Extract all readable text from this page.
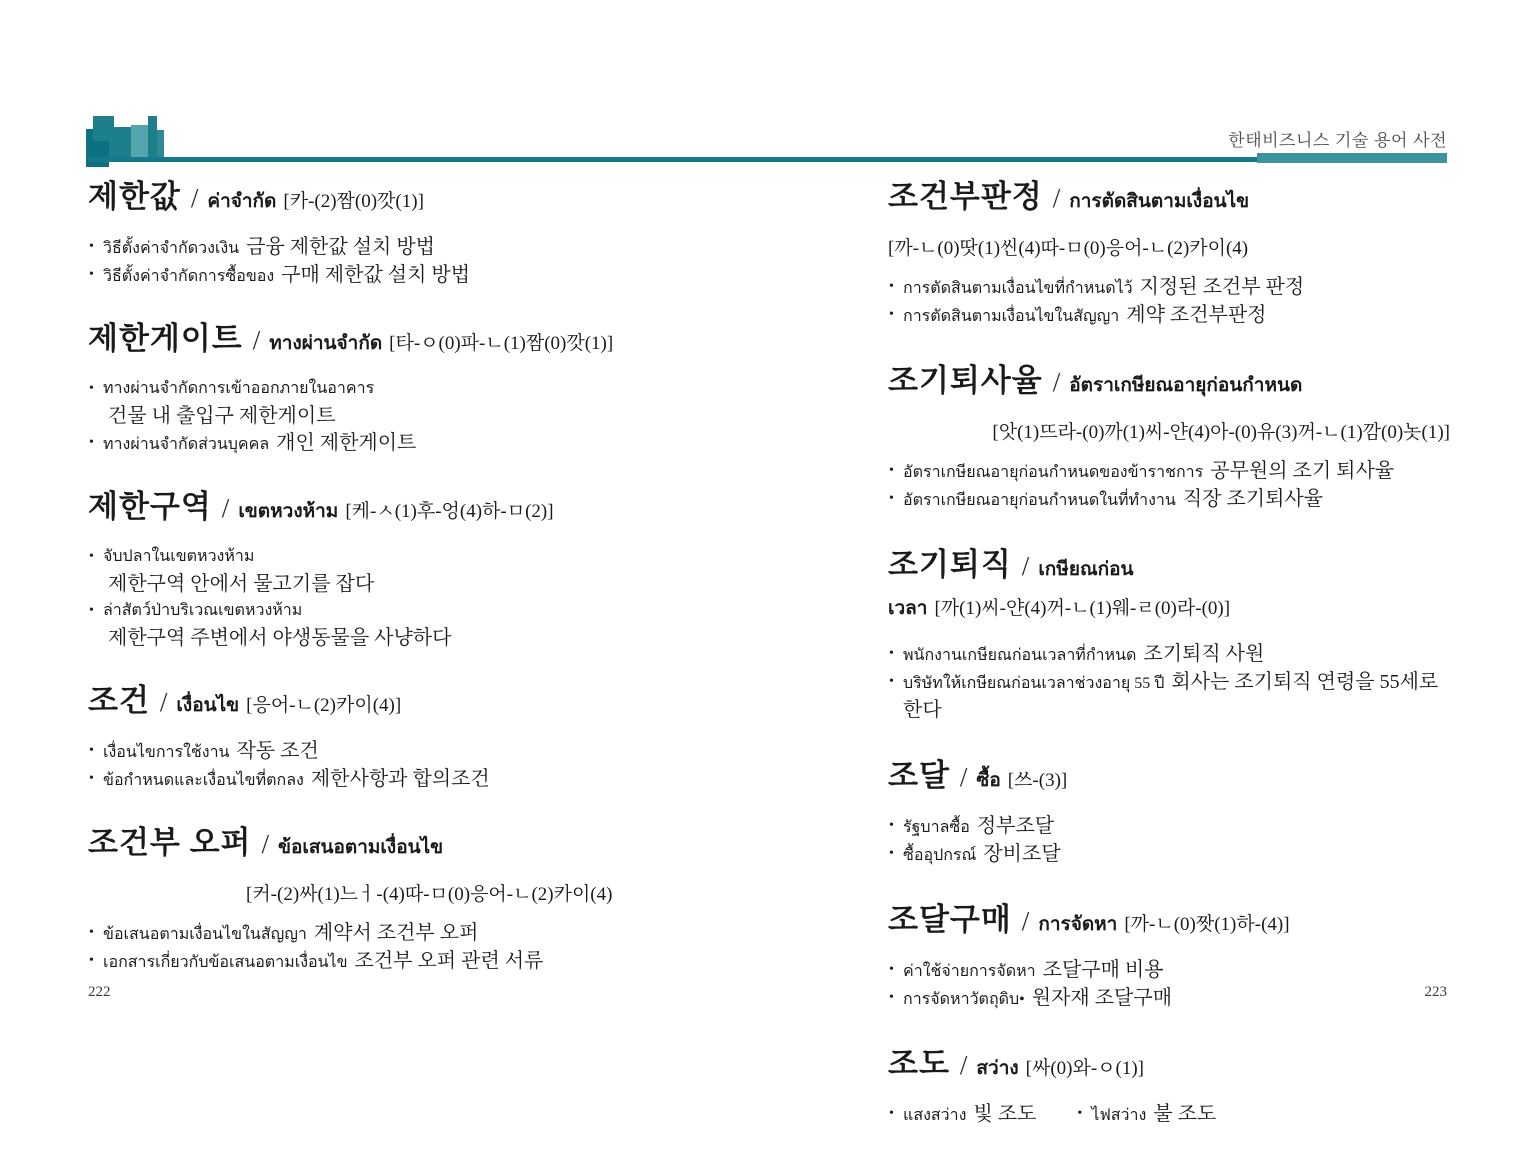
한태비즈니스 기술 용어 사전
제한값 / ค่าจำกัด [카-(2)짬(0)깟(1)]
• วิธีตั้งค่าจำกัดวงเงิน 금융 제한값 설치 방법
• วิธีตั้งค่าจำกัดการซื้อของ 구매 제한값 설치 방법
제한게이트 / ทางผ่านจำกัด [타-ㅇ(0)파-ㄴ(1)짬(0)깟(1)]
• ทางผ่านจำกัดการเข้าออกภายในอาคาร
건물 내 출입구 제한게이트
• ทางผ่านจำกัดส่วนบุคคล 개인 제한게이트
제한구역 / เขตหวงห้าม [케-ㅅ(1)후-엉(4)하-ㅁ(2)]
• จับปลาในเขตหวงห้าม
제한구역 안에서 물고기를 잡다
• ล่าสัตว์ป่าบริเวณเขตหวงห้าม
제한구역 주변에서 야생동물을 사냥하다
조건 / เงื่อนไข [응어-ㄴ(2)카이(4)]
• เงื่อนไขการใช้งาน 작동 조건
• ข้อกำหนดและเงื่อนไขที่ตกลง 제한사항과 합의조건
조건부 오퍼 / ข้อเสนอตามเงื่อนไข
[커-(2)싸(1)느ㅓ-(4)따-ㅁ(0)응어-ㄴ(2)카이(4)
• ข้อเสนอตามเงื่อนไขในสัญญา 계약서 조건부 오퍼
• เอกสารเกี่ยวกับข้อเสนอตามเงื่อนไข 조건부 오퍼 관련 서류
조건부판정 / การตัดสินตามเงื่อนไข
[까-ㄴ(0)땃(1)씬(4)따-ㅁ(0)응어-ㄴ(2)카이(4)
• การตัดสินตามเงื่อนไขที่กำหนดไว้ 지정된 조건부 판정
• การตัดสินตามเงื่อนไขในสัญญา 계약 조건부판정
조기퇴사율 / อัตราเกษียณอายุก่อนกำหนด
[앗(1)뜨라-(0)까(1)씨-얀(4)아-(0)유(3)꺼-ㄴ(1)깜(0)놋(1)]
• อัตราเกษียณอายุก่อนกำหนดของข้าราชการ 공무원의 조기 퇴사율
• อัตราเกษียณอายุก่อนกำหนดในที่ทำงาน 직장 조기퇴사율
조기퇴직 / เกษียณก่อนเวลา [까(1)씨-얀(4)꺼-ㄴ(1)웨-ㄹ(0)라-(0)]
• พนักงานเกษียณก่อนเวลาที่กำหนด 조기퇴직 사원
• บริษัทให้เกษียณก่อนเวลาช่วงอายุ 55 ปี 회사는 조기퇴직 연령을 55세로 한다
조달 / ซื้อ [쓰-(3)]
• รัฐบาลซื้อ 정부조달
• ซื้ออุปกรณ์ 장비조달
조달구매 / การจัดหา [까-ㄴ(0)짯(1)하-(4)]
• ค่าใช้จ่ายการจัดหา 조달구매 비용
• การจัดหาวัตถุดิบ• 원자재 조달구매
조도 / สว่าง [싸(0)와-ㅇ(1)]
• แสงสว่าง 빛 조도	• ไฟสว่าง 불 조도
222	223
